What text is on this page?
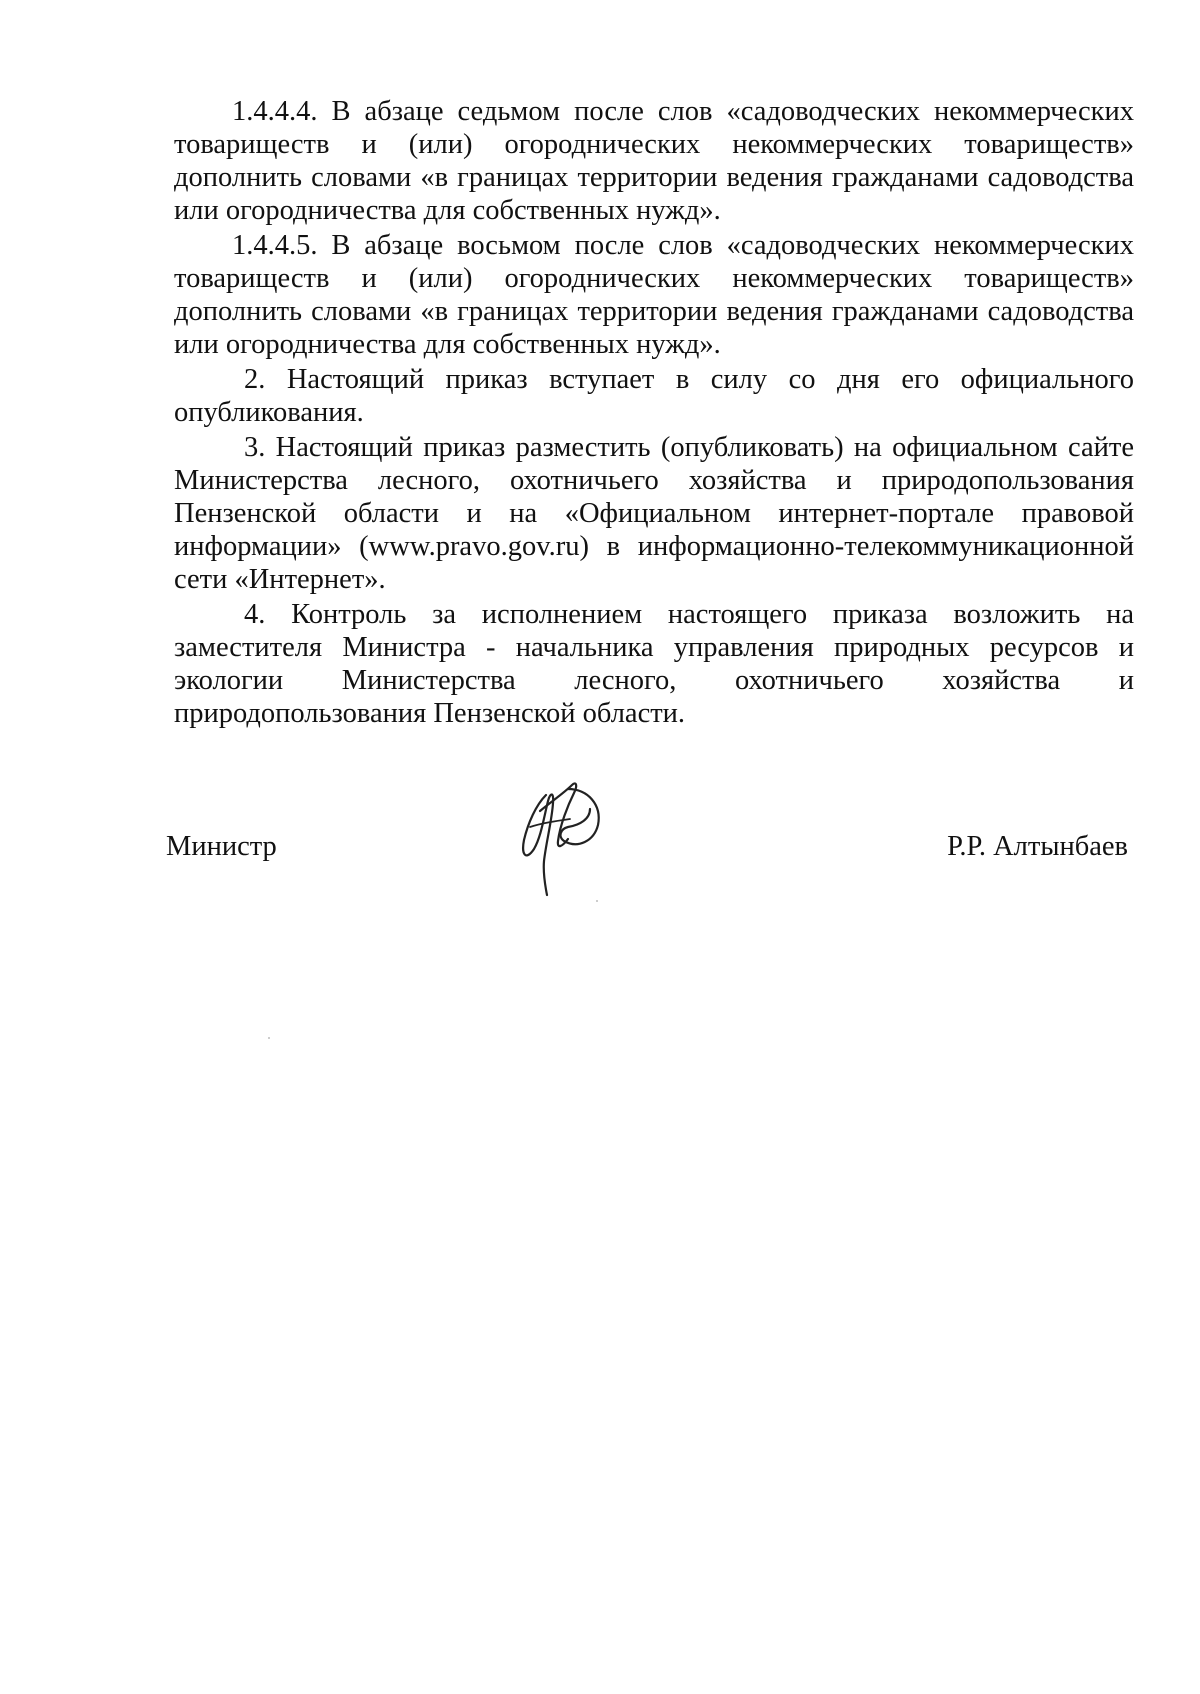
1.4.4.4. В абзаце седьмом после слов «садоводческих некоммерческих товариществ и (или) огороднических некоммерческих товариществ» дополнить словами «в границах территории ведения гражданами садоводства или огородничества для собственных нужд».

1.4.4.5. В абзаце восьмом после слов «садоводческих некоммерческих товариществ и (или) огороднических некоммерческих товариществ» дополнить словами «в границах территории ведения гражданами садоводства или огородничества для собственных нужд».

2. Настоящий приказ вступает в силу со дня его официального опубликования.

3. Настоящий приказ разместить (опубликовать) на официальном сайте Министерства лесного, охотничьего хозяйства и природопользования Пензенской области и на «Официальном интернет-портале правовой информации» (www.pravo.gov.ru) в информационно-телекоммуникационной сети «Интернет».

4. Контроль за исполнением настоящего приказа возложить на заместителя Министра - начальника управления природных ресурсов и экологии Министерства лесного, охотничьего хозяйства и природопользования Пензенской области.

Министр	Р.Р. Алтынбаев
